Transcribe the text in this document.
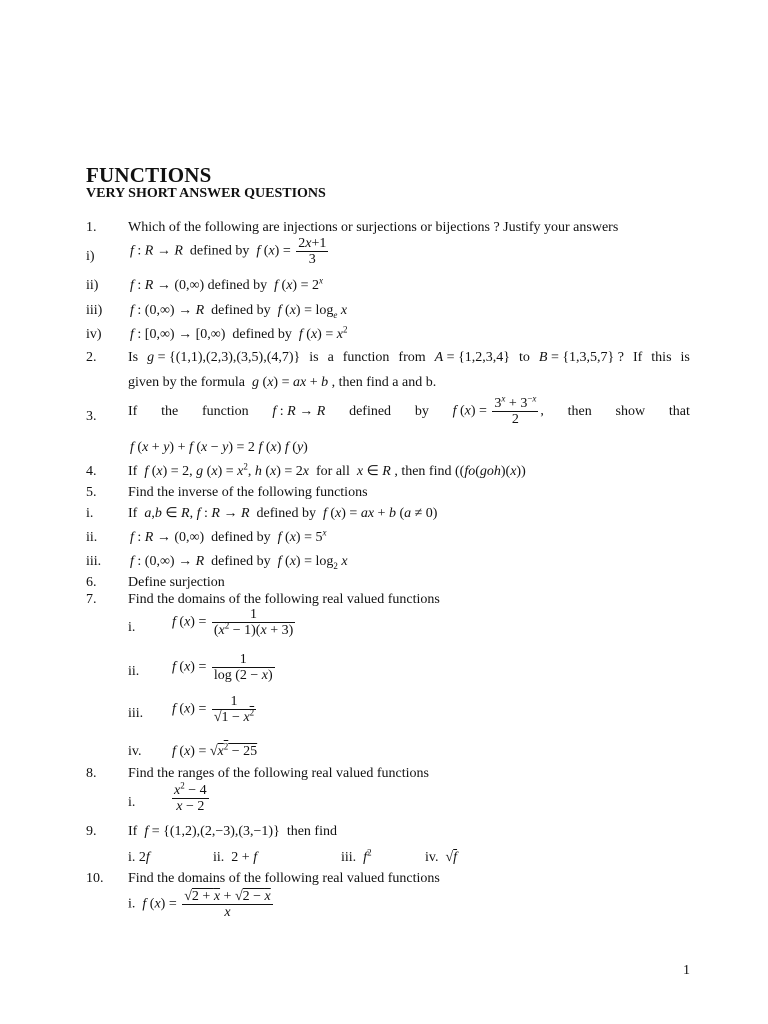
FUNCTIONS
VERY SHORT ANSWER QUESTIONS
1. Which of the following are injections or surjections or bijections ? Justify your answers
i)	f : R → R  defined by  f $(x) = \frac{2x+1}{3}$
ii) f : R → (0,∞) defined by  f $(x) = 2^x$
iii) f : (0,∞) → R  defined by  f $(x) = \log_e x$
iv) f : [0,∞) → [0,∞)  defined by  f $(x) = x^2$
2. Is g = {(1,1),(2,3),(3,5),(4,7)} is a function from A = {1,2,3,4} to B = {1,3,5,7} ? If this is
given by the formula  g (x) = ax + b , then find a and b.
3. If the function f : R → R defined by f $(x) = \frac{3^x + 3^{-x}}{2}$ , then show that
f (x + y) + f (x − y) = 2 f (x) f (y)
4. If  f (x) = 2, g $(x) = x^2$, h (x) = 2x  for all  x ∈ R , then find ((fo(goh)(x))
5. Find the inverse of the following functions
i. If  a,b ∈ R, f : R → R  defined by  f (x) = ax + b (a ≠ 0)
ii. f : R → (0,∞)  defined by  f $(x) = 5^x$
iii. f : (0,∞) → R  defined by  f $(x) = \log_2 x$
6. Define surjection
7. Find the domains of the following real valued functions
i.	f $(x) = \frac{1}{(x^2 - 1)(x + 3)}$
ii. f $(x) = \frac{1}{\log (2 - x)}$
iii. f $(x) = \frac{1}{√1 - x^2}$
iv. f $(x) = √x^2 - 25$
8. Find the ranges of the following real valued functions
i.	$\frac{x^2 - 4}{x - 2}$
9. If  f = {(1,2),(2,−3),(3,−1)}  then find
i. 2f	ii.  2 + f	iii.  $f^2$	iv.  √f
10. Find the domains of the following real valued functions
i.  f $(x) = \frac{√2 + x + √2 - x}{x}$
1
